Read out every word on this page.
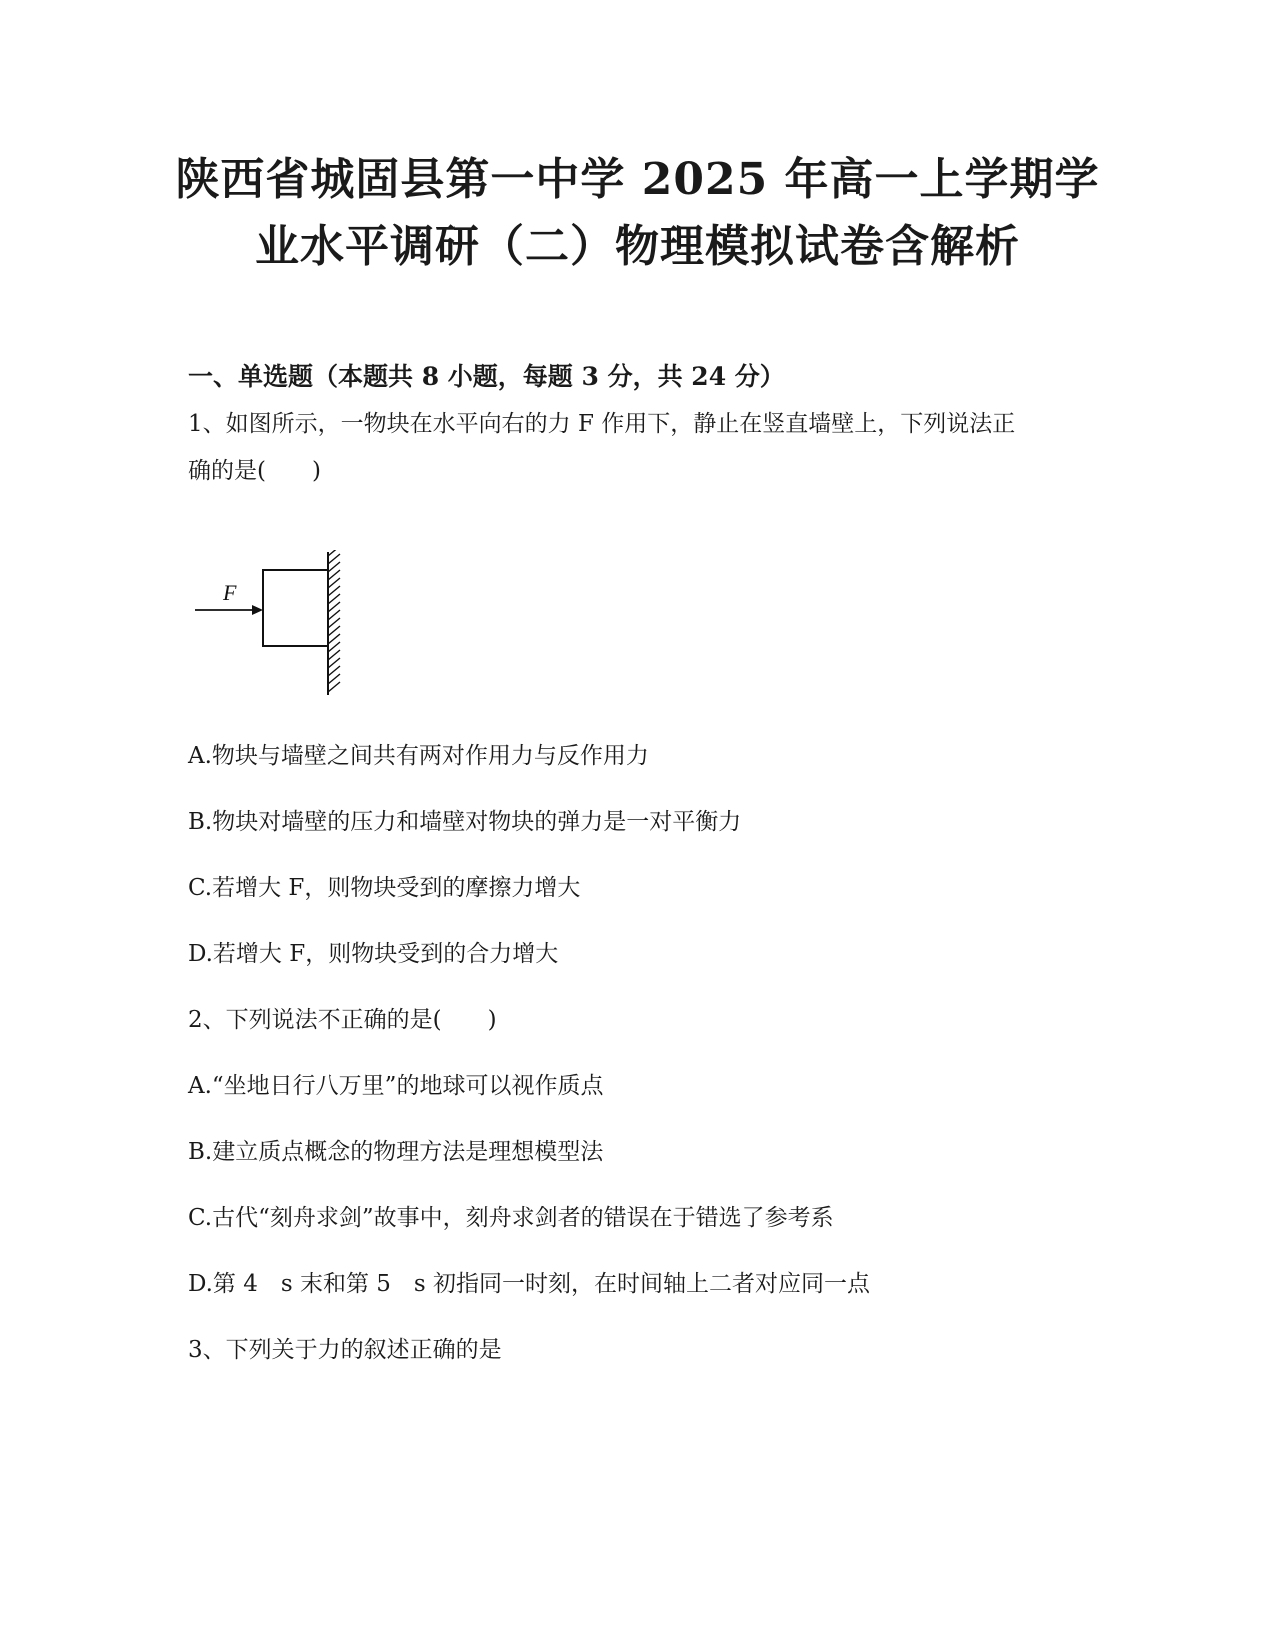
陕西省城固县第一中学 2025 年高一上学期学
业水平调研（二）物理模拟试卷含解析
一、单选题（本题共 8 小题，每题 3 分，共 24 分）
1、如图所示，一物块在水平向右的力 F 作用下，静止在竖直墙壁上，下列说法正
确的是(　　)
F
A.物块与墙壁之间共有两对作用力与反作用力
B.物块对墙壁的压力和墙壁对物块的弹力是一对平衡力
C.若增大 F，则物块受到的摩擦力增大
D.若增大 F，则物块受到的合力增大
2、下列说法不正确的是(　　)
A.“坐地日行八万里”的地球可以视作质点
B.建立质点概念的物理方法是理想模型法
C.古代“刻舟求剑”故事中，刻舟求剑者的错误在于错选了参考系
D.第 4　s 末和第 5　s 初指同一时刻，在时间轴上二者对应同一点
3、下列关于力的叙述正确的是
